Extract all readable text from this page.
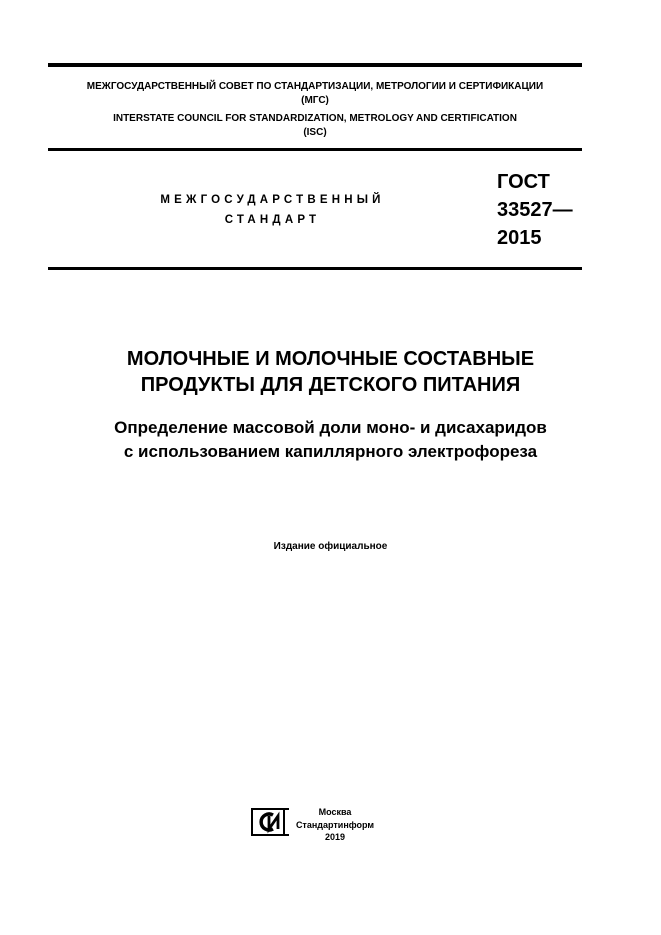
МЕЖГОСУДАРСТВЕННЫЙ СОВЕТ ПО СТАНДАРТИЗАЦИИ, МЕТРОЛОГИИ И СЕРТИФИКАЦИИ
(МГС)
INTERSTATE COUNCIL FOR STANDARDIZATION, METROLOGY AND CERTIFICATION
(ISC)
МЕЖГОСУДАРСТВЕННЫЙ
СТАНДАРТ
ГОСТ
33527—
2015
МОЛОЧНЫЕ И МОЛОЧНЫЕ СОСТАВНЫЕ
ПРОДУКТЫ ДЛЯ ДЕТСКОГО ПИТАНИЯ
Определение массовой доли моно- и дисахаридов
с использованием капиллярного электрофореза
Издание официальное
Москва
Стандартинформ
2019
